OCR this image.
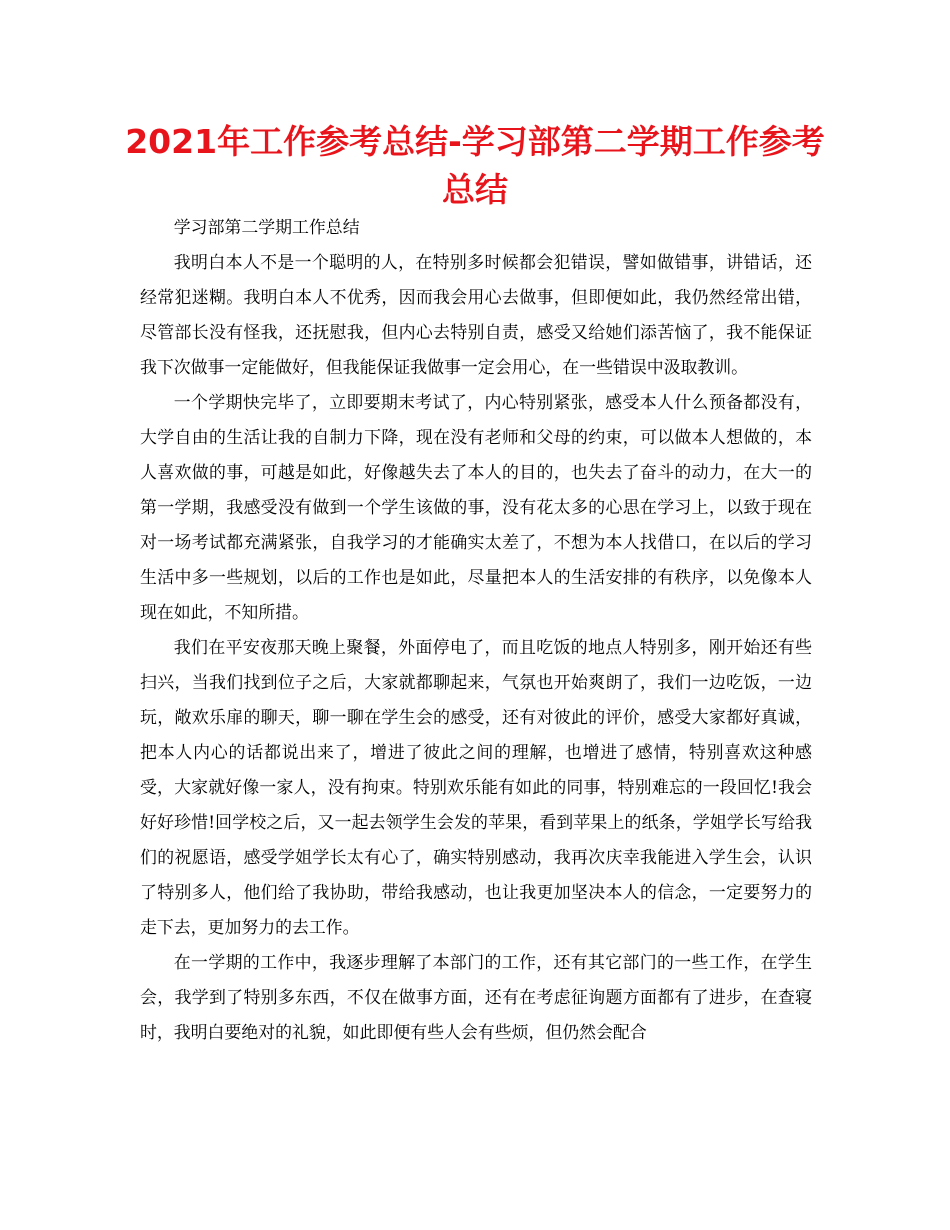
2021年工作参考总结-学习部第二学期工作参考总结

学习部第二学期工作总结

我明白本人不是一个聪明的人，在特别多时候都会犯错误，譬如做错事，讲错话，还经常犯迷糊。我明白本人不优秀，因而我会用心去做事，但即便如此，我仍然经常出错，尽管部长没有怪我，还抚慰我，但内心去特别自责，感受又给她们添苦恼了，我不能保证我下次做事一定能做好，但我能保证我做事一定会用心，在一些错误中汲取教训。

一个学期快完毕了，立即要期末考试了，内心特别紧张，感受本人什么预备都没有，大学自由的生活让我的自制力下降，现在没有老师和父母的约束，可以做本人想做的，本人喜欢做的事，可越是如此，好像越失去了本人的目的，也失去了奋斗的动力，在大一的第一学期，我感受没有做到一个学生该做的事，没有花太多的心思在学习上，以致于现在对一场考试都充满紧张，自我学习的才能确实太差了，不想为本人找借口，在以后的学习生活中多一些规划，以后的工作也是如此，尽量把本人的生活安排的有秩序，以免像本人现在如此，不知所措。

我们在平安夜那天晚上聚餐，外面停电了，而且吃饭的地点人特别多，刚开始还有些扫兴，当我们找到位子之后，大家就都聊起来，气氛也开始爽朗了，我们一边吃饭，一边玩，敞欢乐扉的聊天，聊一聊在学生会的感受，还有对彼此的评价，感受大家都好真诚，把本人内心的话都说出来了，增进了彼此之间的理解，也增进了感情，特别喜欢这种感受，大家就好像一家人，没有拘束。特别欢乐能有如此的同事，特别难忘的一段回忆!我会好好珍惜!回学校之后，又一起去领学生会发的苹果，看到苹果上的纸条，学姐学长写给我们的祝愿语，感受学姐学长太有心了，确实特别感动，我再次庆幸我能进入学生会，认识了特别多人，他们给了我协助，带给我感动，也让我更加坚决本人的信念，一定要努力的走下去，更加努力的去工作。

在一学期的工作中，我逐步理解了本部门的工作，还有其它部门的一些工作，在学生会，我学到了特别多东西，不仅在做事方面，还有在考虑征询题方面都有了进步，在查寝时，我明白要绝对的礼貌，如此即便有些人会有些烦，但仍然会配合
